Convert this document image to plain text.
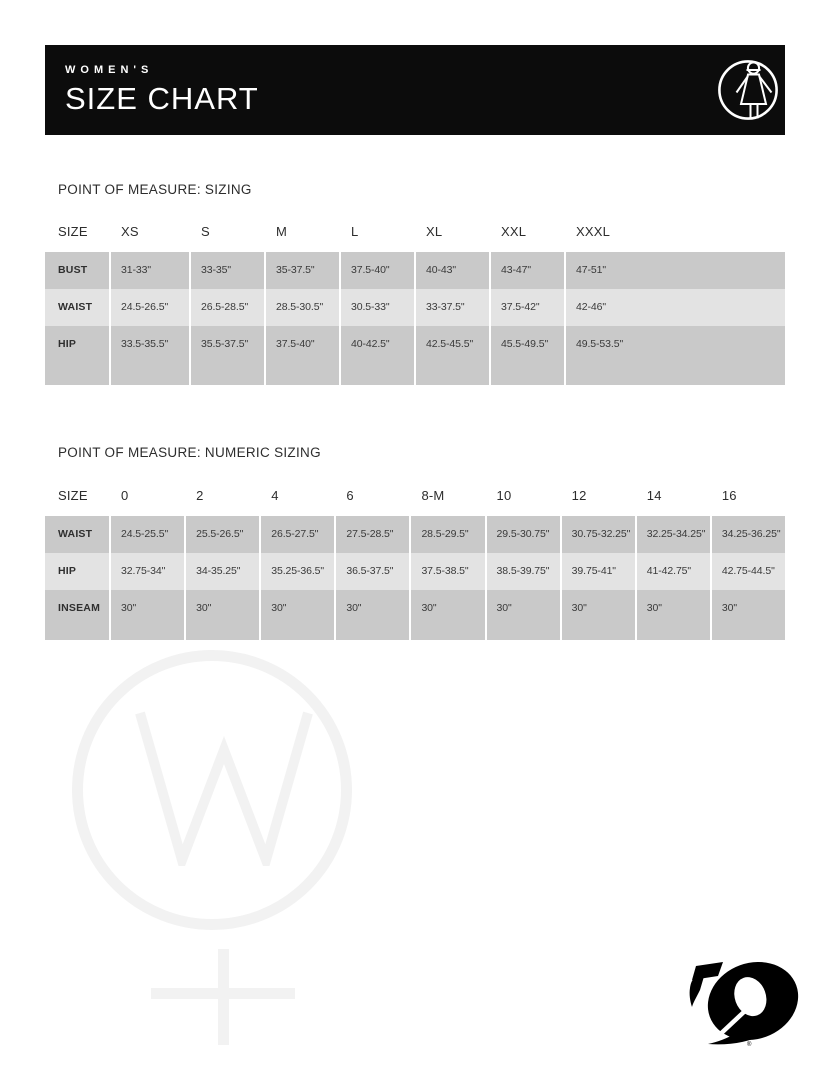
WOMEN'S
SIZE CHART
POINT OF MEASURE: SIZING
SIZE	XS	S	M	L	XL	XXL	XXXL
BUST	31-33"	33-35"	35-37.5"	37.5-40"	40-43"	43-47"	47-51"
WAIST	24.5-26.5"	26.5-28.5"	28.5-30.5"	30.5-33"	33-37.5"	37.5-42"	42-46"
HIP	33.5-35.5"	35.5-37.5"	37.5-40"	40-42.5"	42.5-45.5"	45.5-49.5"	49.5-53.5"
POINT OF MEASURE: NUMERIC SIZING
SIZE	0	2	4	6	8-M	10	12	14	16
WAIST	24.5-25.5"	25.5-26.5"	26.5-27.5"	27.5-28.5"	28.5-29.5"	29.5-30.75"	30.75-32.25"	32.25-34.25"	34.25-36.25"
HIP	32.75-34"	34-35.25"	35.25-36.5"	36.5-37.5"	37.5-38.5"	38.5-39.75"	39.75-41"	41-42.75"	42.75-44.5"
INSEAM	30"	30"	30"	30"	30"	30"	30"	30"	30"
®
